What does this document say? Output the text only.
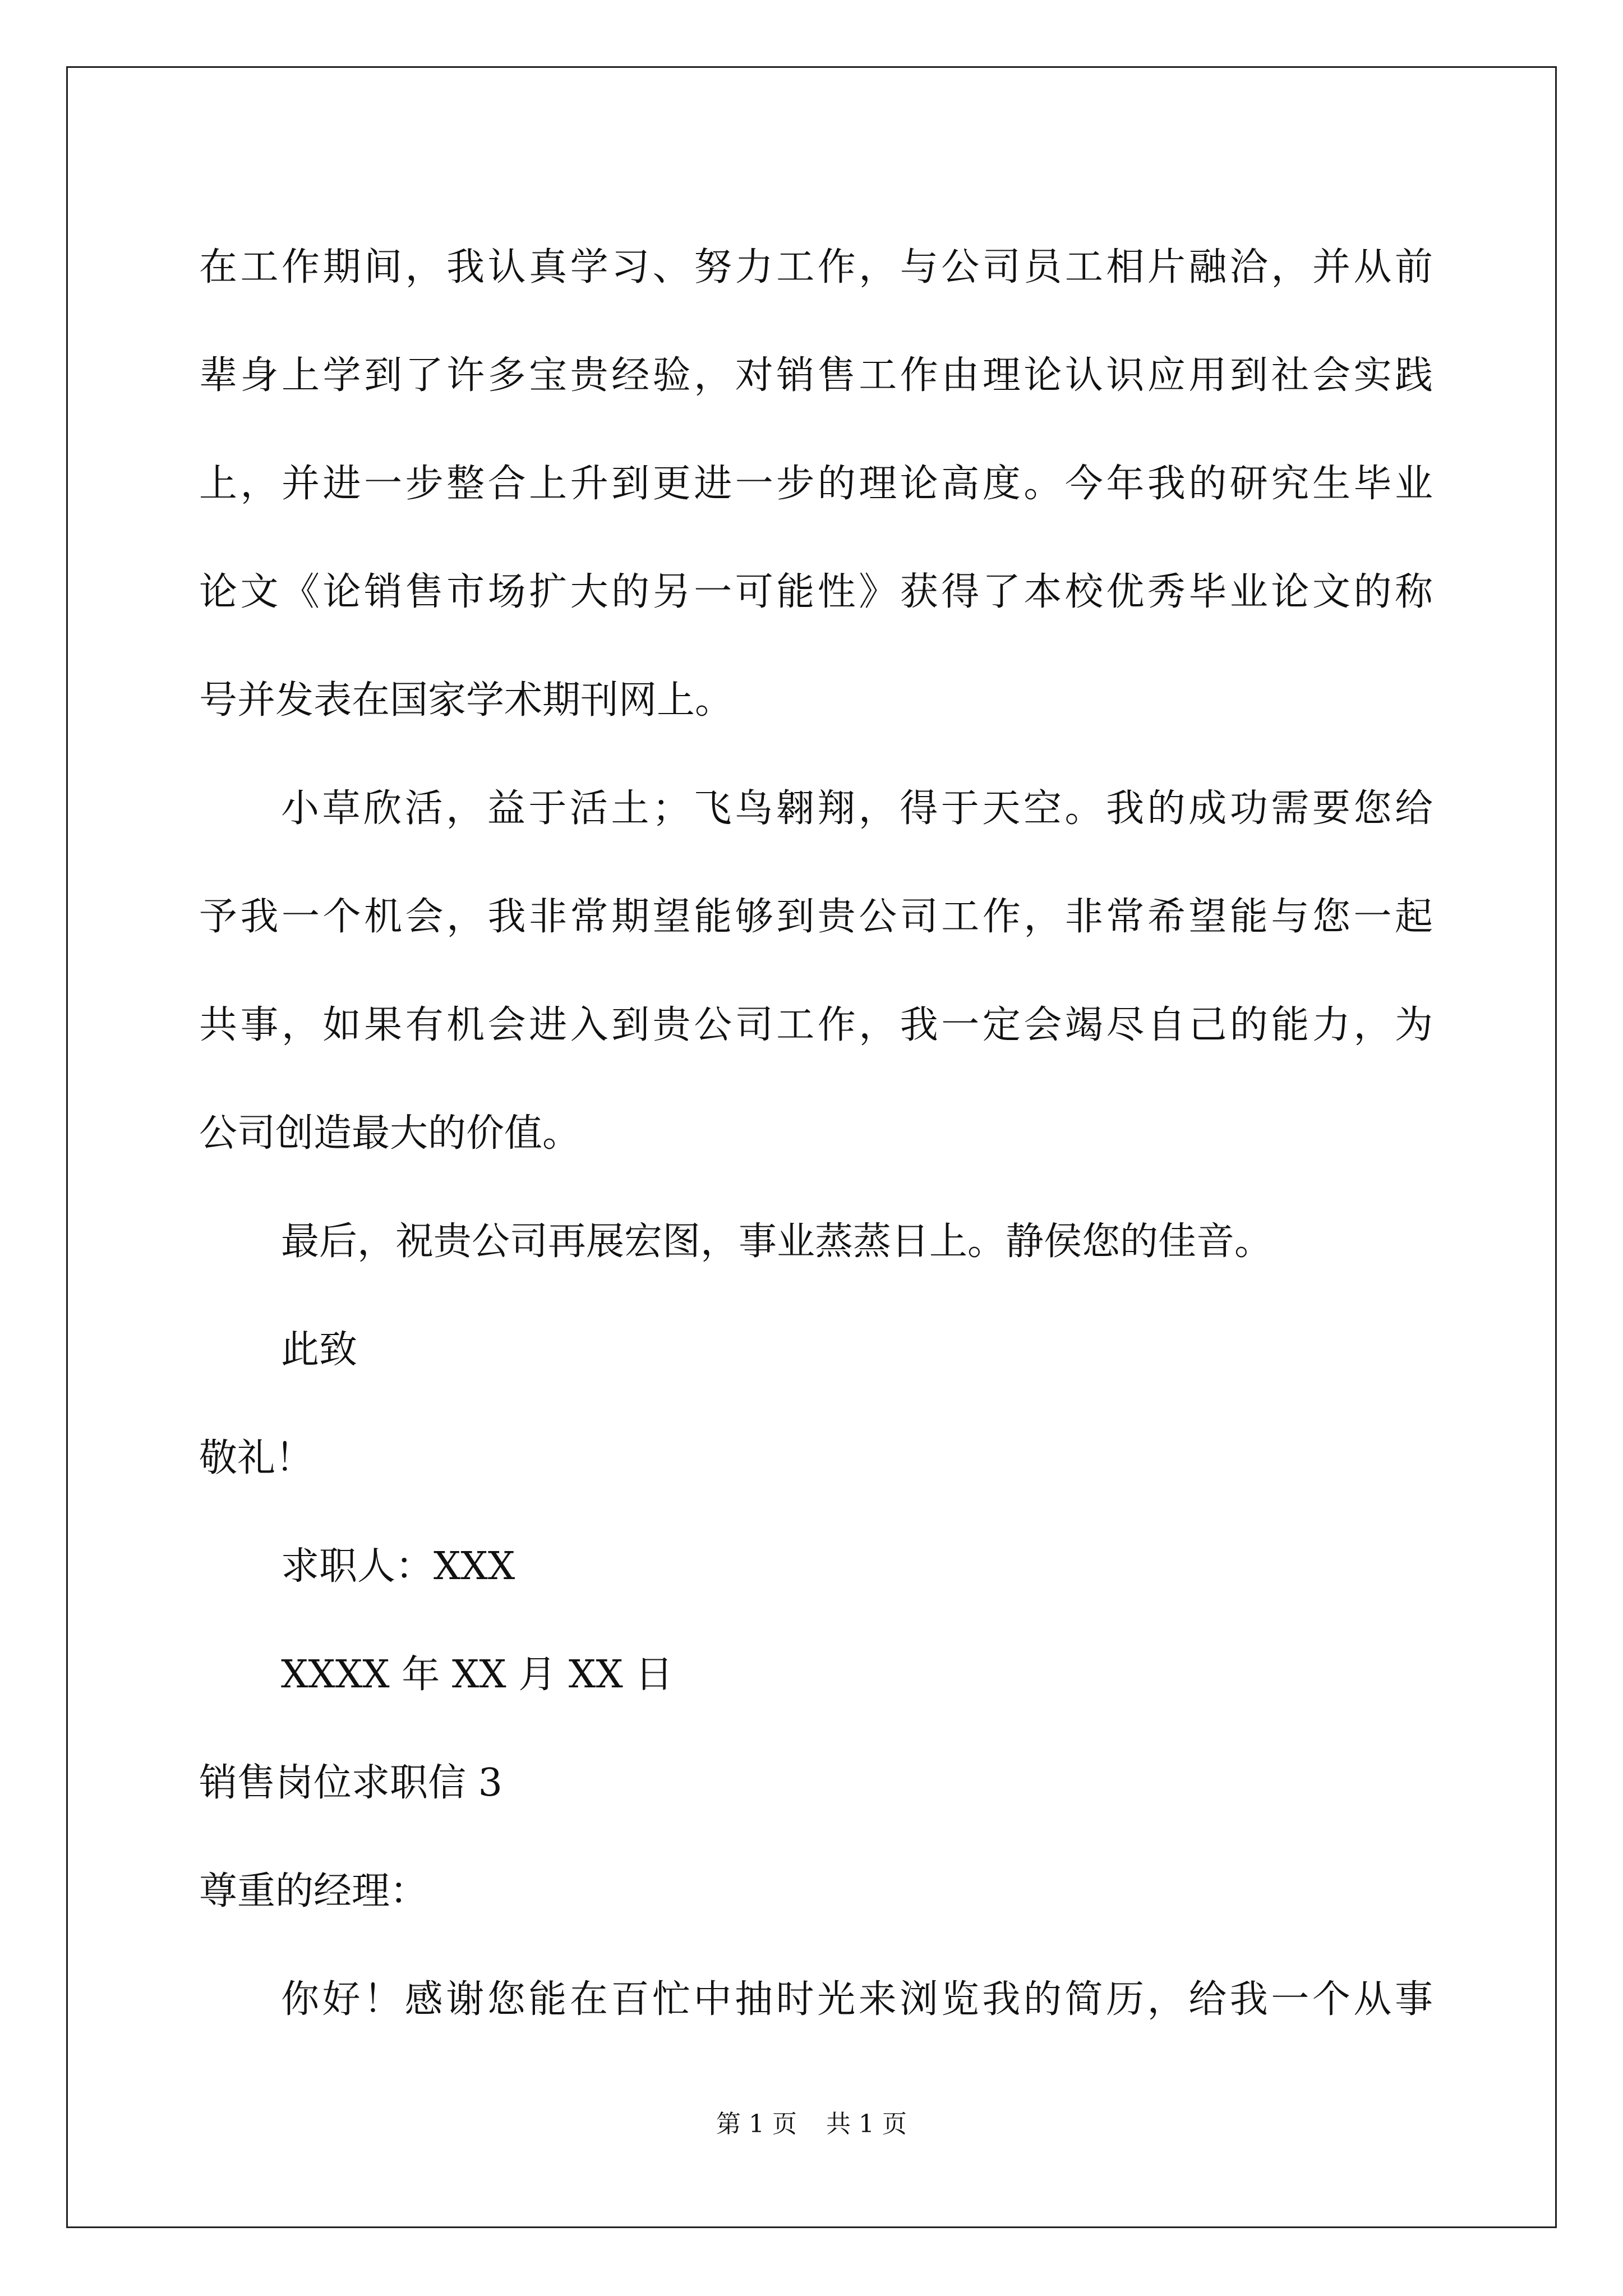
在工作期间，我认真学习、努力工作，与公司员工相片融洽，并从前
辈身上学到了许多宝贵经验，对销售工作由理论认识应用到社会实践
上，并进一步整合上升到更进一步的理论高度。今年我的研究生毕业
论文《论销售市场扩大的另一可能性》获得了本校优秀毕业论文的称
号并发表在国家学术期刊网上。
小草欣活，益于活土；飞鸟翱翔，得于天空。我的成功需要您给
予我一个机会，我非常期望能够到贵公司工作，非常希望能与您一起
共事，如果有机会进入到贵公司工作，我一定会竭尽自己的能力，为
公司创造最大的价值。
最后，祝贵公司再展宏图，事业蒸蒸日上。静侯您的佳音。
此致
敬礼！
求职人：XXX
XXXX 年 XX 月 XX 日
销售岗位求职信 3
尊重的经理：
你好！感谢您能在百忙中抽时光来浏览我的简历，给我一个从事
第 1 页 共 1 页
